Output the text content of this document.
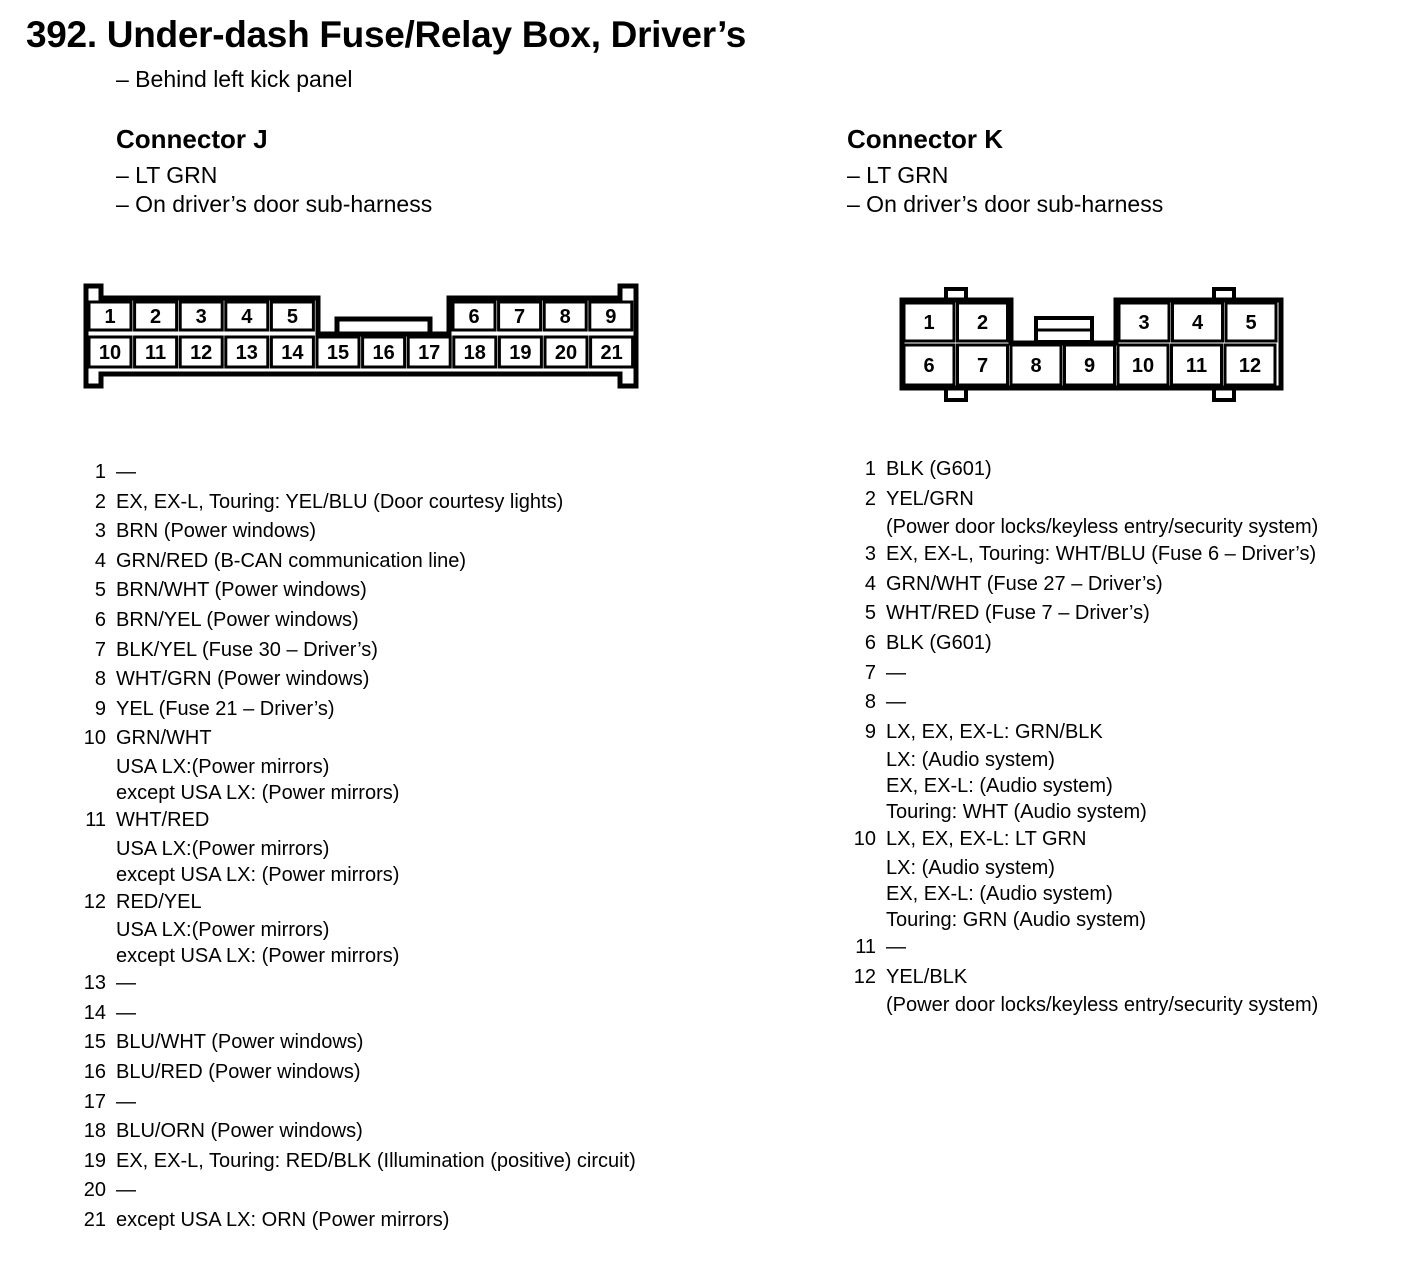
392. Under-dash Fuse/Relay Box, Driver’s
– Behind left kick panel
Connector J
– LT GRN
– On driver’s door sub-harness
Connector K
– LT GRN
– On driver’s door sub-harness
1 2 3 4 5	6 7 8 9
10 11 12 13 14 15 16 17 18 19 20 21
1 2	3 4 5
6 7 8 9 10 11 12
1 —
2 EX, EX-L, Touring: YEL/BLU (Door courtesy lights)
3 BRN (Power windows)
4 GRN/RED (B-CAN communication line)
5 BRN/WHT (Power windows)
6 BRN/YEL (Power windows)
7 BLK/YEL (Fuse 30 – Driver’s)
8 WHT/GRN (Power windows)
9 YEL (Fuse 21 – Driver’s)
10 GRN/WHT
USA LX:(Power mirrors)
except USA LX: (Power mirrors)
11 WHT/RED
USA LX:(Power mirrors)
except USA LX: (Power mirrors)
12 RED/YEL
USA LX:(Power mirrors)
except USA LX: (Power mirrors)
13 —
14 —
15 BLU/WHT (Power windows)
16 BLU/RED (Power windows)
17 —
18 BLU/ORN (Power windows)
19 EX, EX-L, Touring: RED/BLK (Illumination (positive) circuit)
20 —
21 except USA LX: ORN (Power mirrors)
1 BLK (G601)
2 YEL/GRN
(Power door locks/keyless entry/security system)
3 EX, EX-L, Touring: WHT/BLU (Fuse 6 – Driver’s)
4 GRN/WHT (Fuse 27 – Driver’s)
5 WHT/RED (Fuse 7 – Driver’s)
6 BLK (G601)
7 —
8 —
9 LX, EX, EX-L: GRN/BLK
LX: (Audio system)
EX, EX-L: (Audio system)
Touring: WHT (Audio system)
10 LX, EX, EX-L: LT GRN
LX: (Audio system)
EX, EX-L: (Audio system)
Touring: GRN (Audio system)
11 —
12 YEL/BLK
(Power door locks/keyless entry/security system)
